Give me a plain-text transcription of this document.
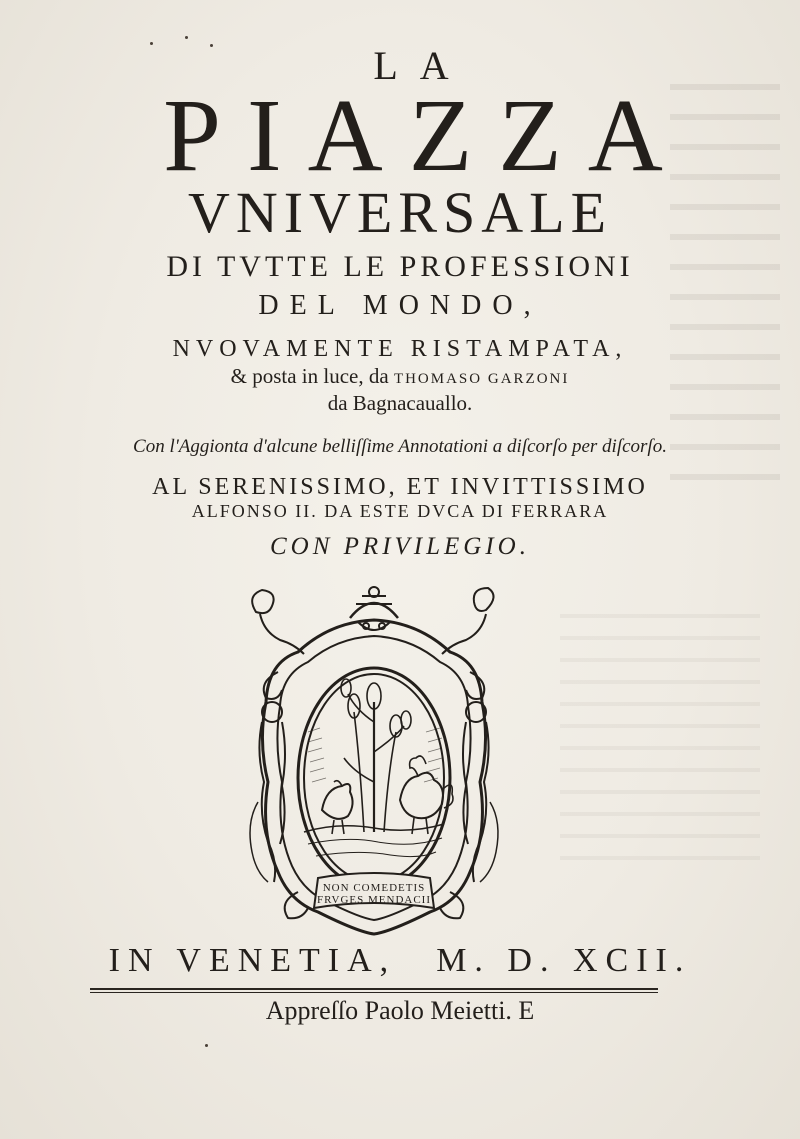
LA

PIAZZA

VNIVERSALE

DI TVTTE LE PROFESSIONI

DEL MONDO,

NVOVAMENTE RISTAMPATA,

& posta in luce, da THOMASO GARZONI

da Bagnacauallo.

Con l'Aggionta d'alcune belliſſime Annotationi a diſcorſo per diſcorſo.

AL SERENISSIMO, ET INVITTISSIMO

ALFONSO II. DA ESTE DVCA DI FERRARA

CON PRIVILEGIO.

NON COMEDETIS
FRVGES MENDACII

IN VENETIA, M. D. XCII.

Appreſſo Paolo Meietti. E
